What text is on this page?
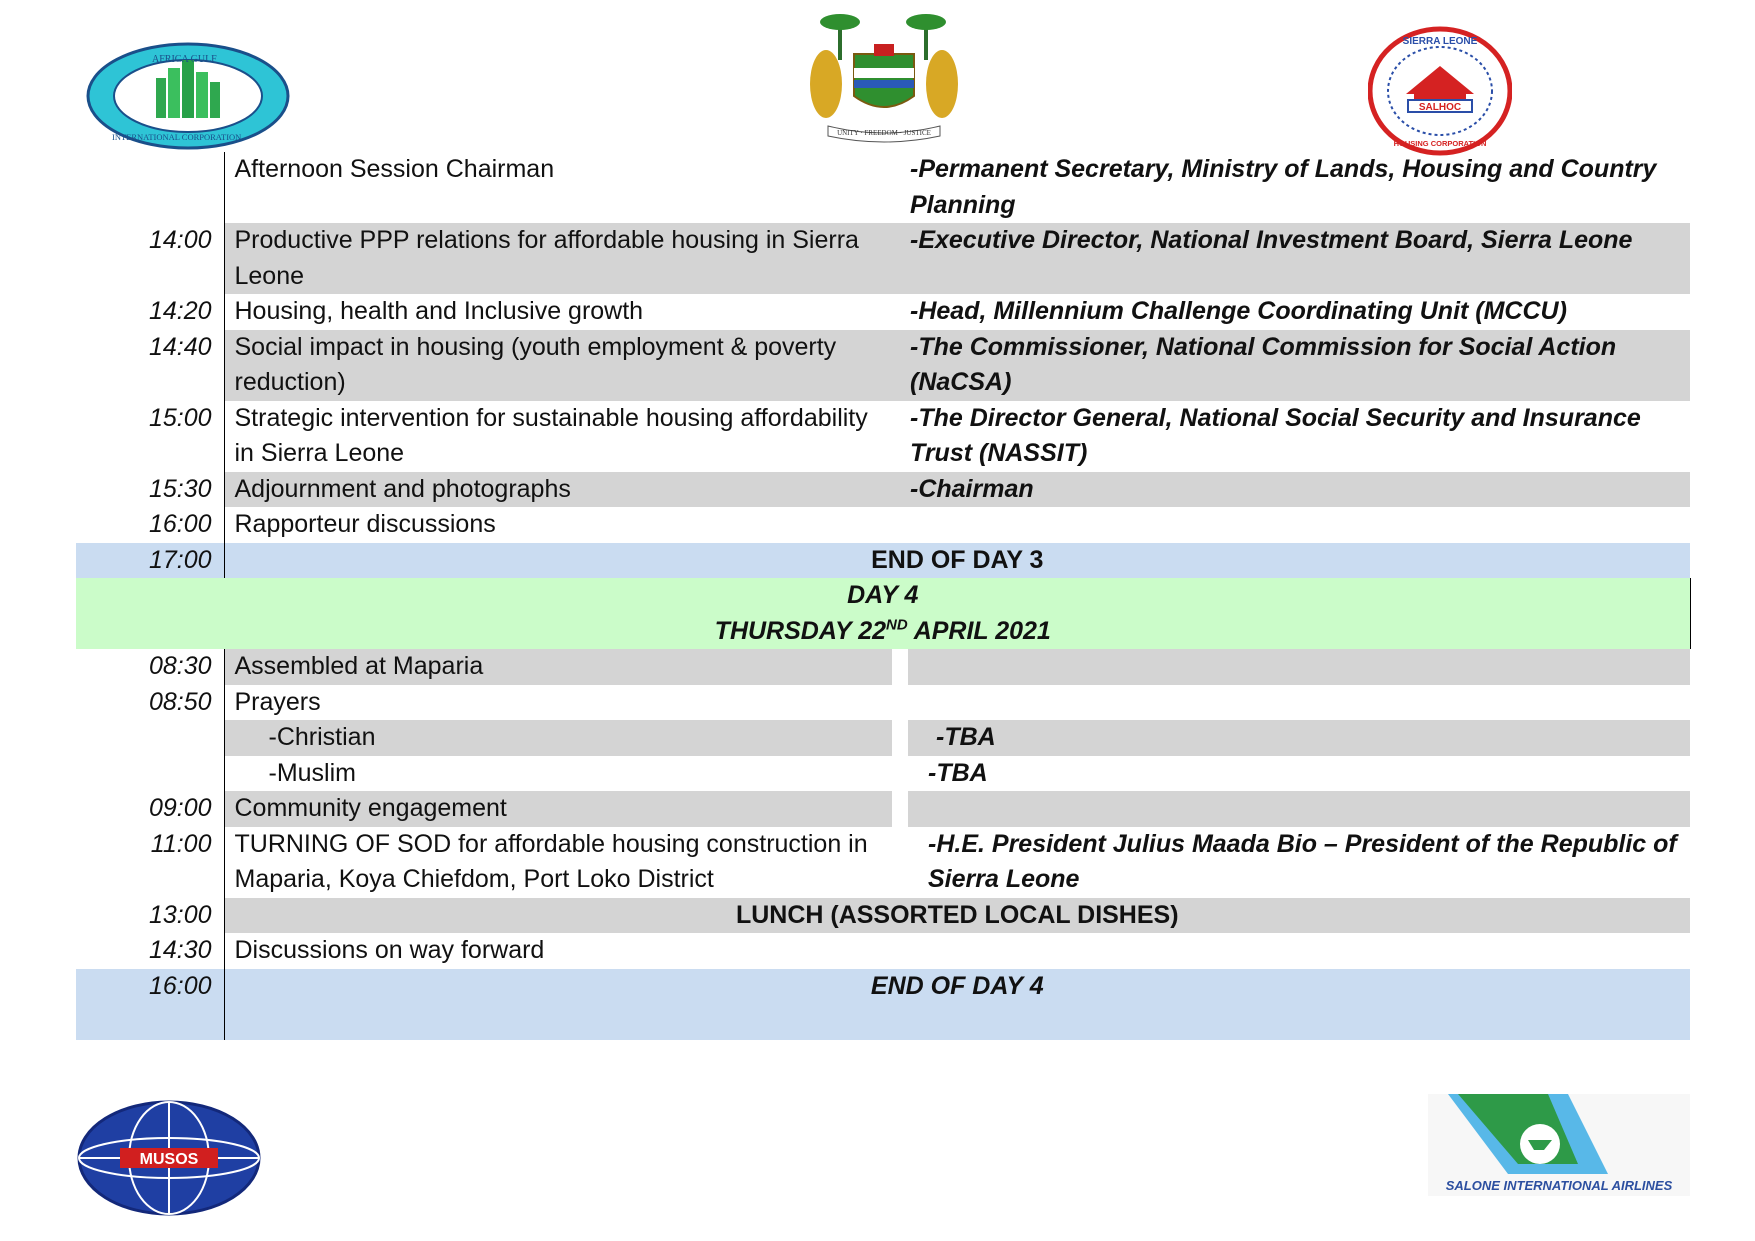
AFRICA GULF
INTERNATIONAL CORPORATION	UNITY · FREEDOM · JUSTICE
SALHOC
SIERRA LEONE
HOUSING CORPORATION
	Afternoon Session Chairman	-Permanent Secretary, Ministry of Lands, Housing and Country Planning
14:00	Productive PPP relations for affordable housing in Sierra Leone	-Executive Director, National Investment Board, Sierra Leone
14:20	Housing, health and Inclusive growth	-Head, Millennium Challenge Coordinating Unit (MCCU)
14:40	Social impact in housing (youth employment & poverty reduction)	-The Commissioner, National Commission for Social Action (NaCSA)
15:00	Strategic intervention for sustainable housing affordability in Sierra Leone	-The Director General, National Social Security and Insurance Trust (NASSIT)
15:30	Adjournment and photographs	-Chairman
16:00	Rapporteur discussions	
17:00	END OF DAY 3	

DAY 4
THURSDAY 22ND APRIL 2021		

08:30	Assembled at Maparia	
08:50	Prayers	
	-Christian	-TBA
	-Muslim	-TBA
09:00	Community engagement	
11:00	TURNING OF SOD for affordable housing construction in Maparia, Koya Chiefdom, Port Loko District	-H.E. President Julius Maada Bio – President of the Republic of Sierra Leone
13:00	LUNCH (ASSORTED LOCAL DISHES)	
14:30	Discussions on way forward	
16:00	END OF DAY 4	
MUSOS
SALONE INTERNATIONAL AIRLINES
